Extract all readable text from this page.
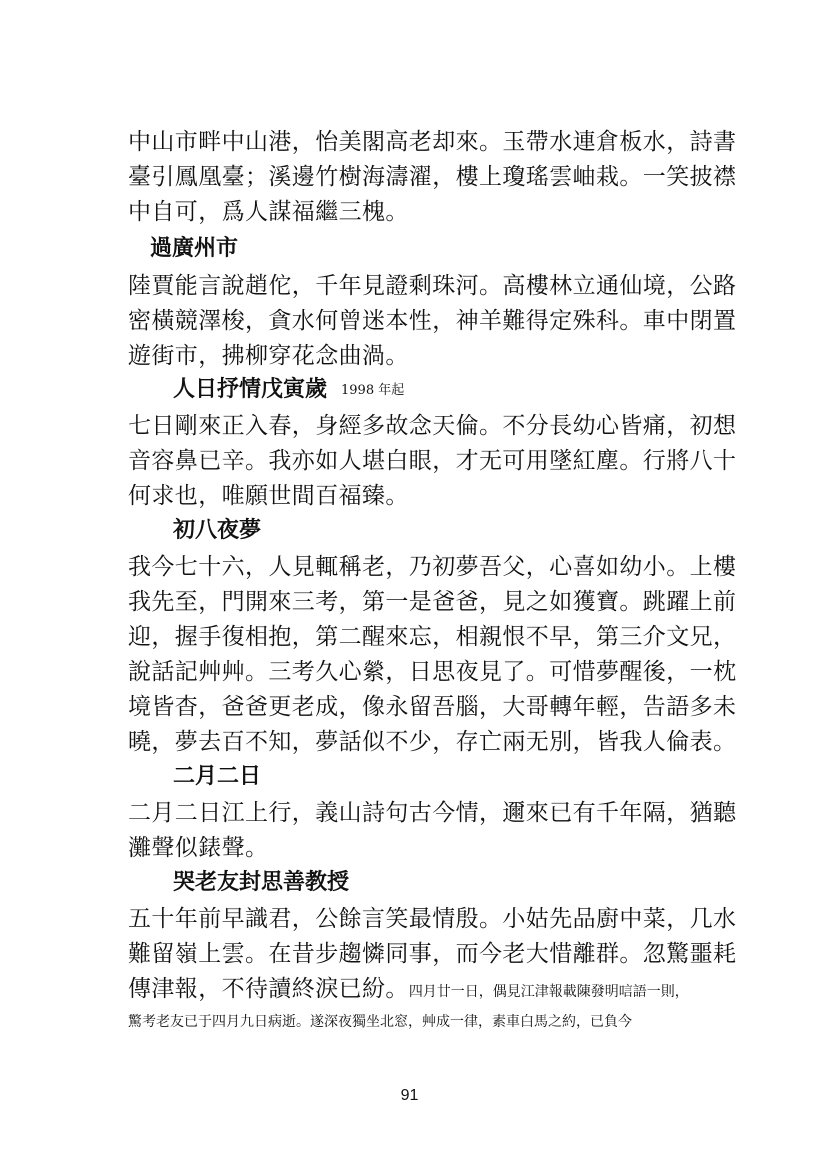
中山市畔中山港，怡美閣高老却來。玉帶水連倉板水，詩書
臺引鳳凰臺；溪邊竹樹海濤濯，樓上瓊瑤雲岫栽。一笑披襟
中自可，爲人謀福繼三槐。
過廣州市
陸賈能言說趙佗，千年見證剩珠河。高樓林立通仙境，公路
密橫競澤梭，貪水何曾迷本性，神羊難得定殊科。車中閉置
遊街市，拂柳穿花念曲渦。
人日抒情戊寅歲 1998 年起
七日剛來正入春，身經多故念天倫。不分長幼心皆痛，初想
音容鼻已辛。我亦如人堪白眼，才无可用墜紅塵。行將八十
何求也，唯願世間百福臻。
初八夜夢
我今七十六，人見輒稱老，乃初夢吾父，心喜如幼小。上樓
我先至，門開來三考，第一是爸爸，見之如獲寶。跳躍上前
迎，握手復相抱，第二醒來忘，相親恨不早，第三介文兄，
說話記艸艸。三考久心縈，日思夜見了。可惜夢醒後，一枕
境皆杳，爸爸更老成，像永留吾腦，大哥轉年輕，告語多未
曉，夢去百不知，夢話似不少，存亡兩无別，皆我人倫表。
二月二日
二月二日江上行，義山詩句古今情，邇來已有千年隔，猶聽
灘聲似錶聲。
哭老友封思善教授
五十年前早識君，公餘言笑最情殷。小姑先品廚中菜，几水
難留嶺上雲。在昔步趨憐同事，而今老大惜離群。忽驚噩耗
傳津報，不待讀終淚已紛。四月廿一日，偶見江津報載陳發明唁語一則，
驚考老友已于四月九日病逝。遂深夜獨坐北窓，艸成一律，素車白馬之約，已負今
91
